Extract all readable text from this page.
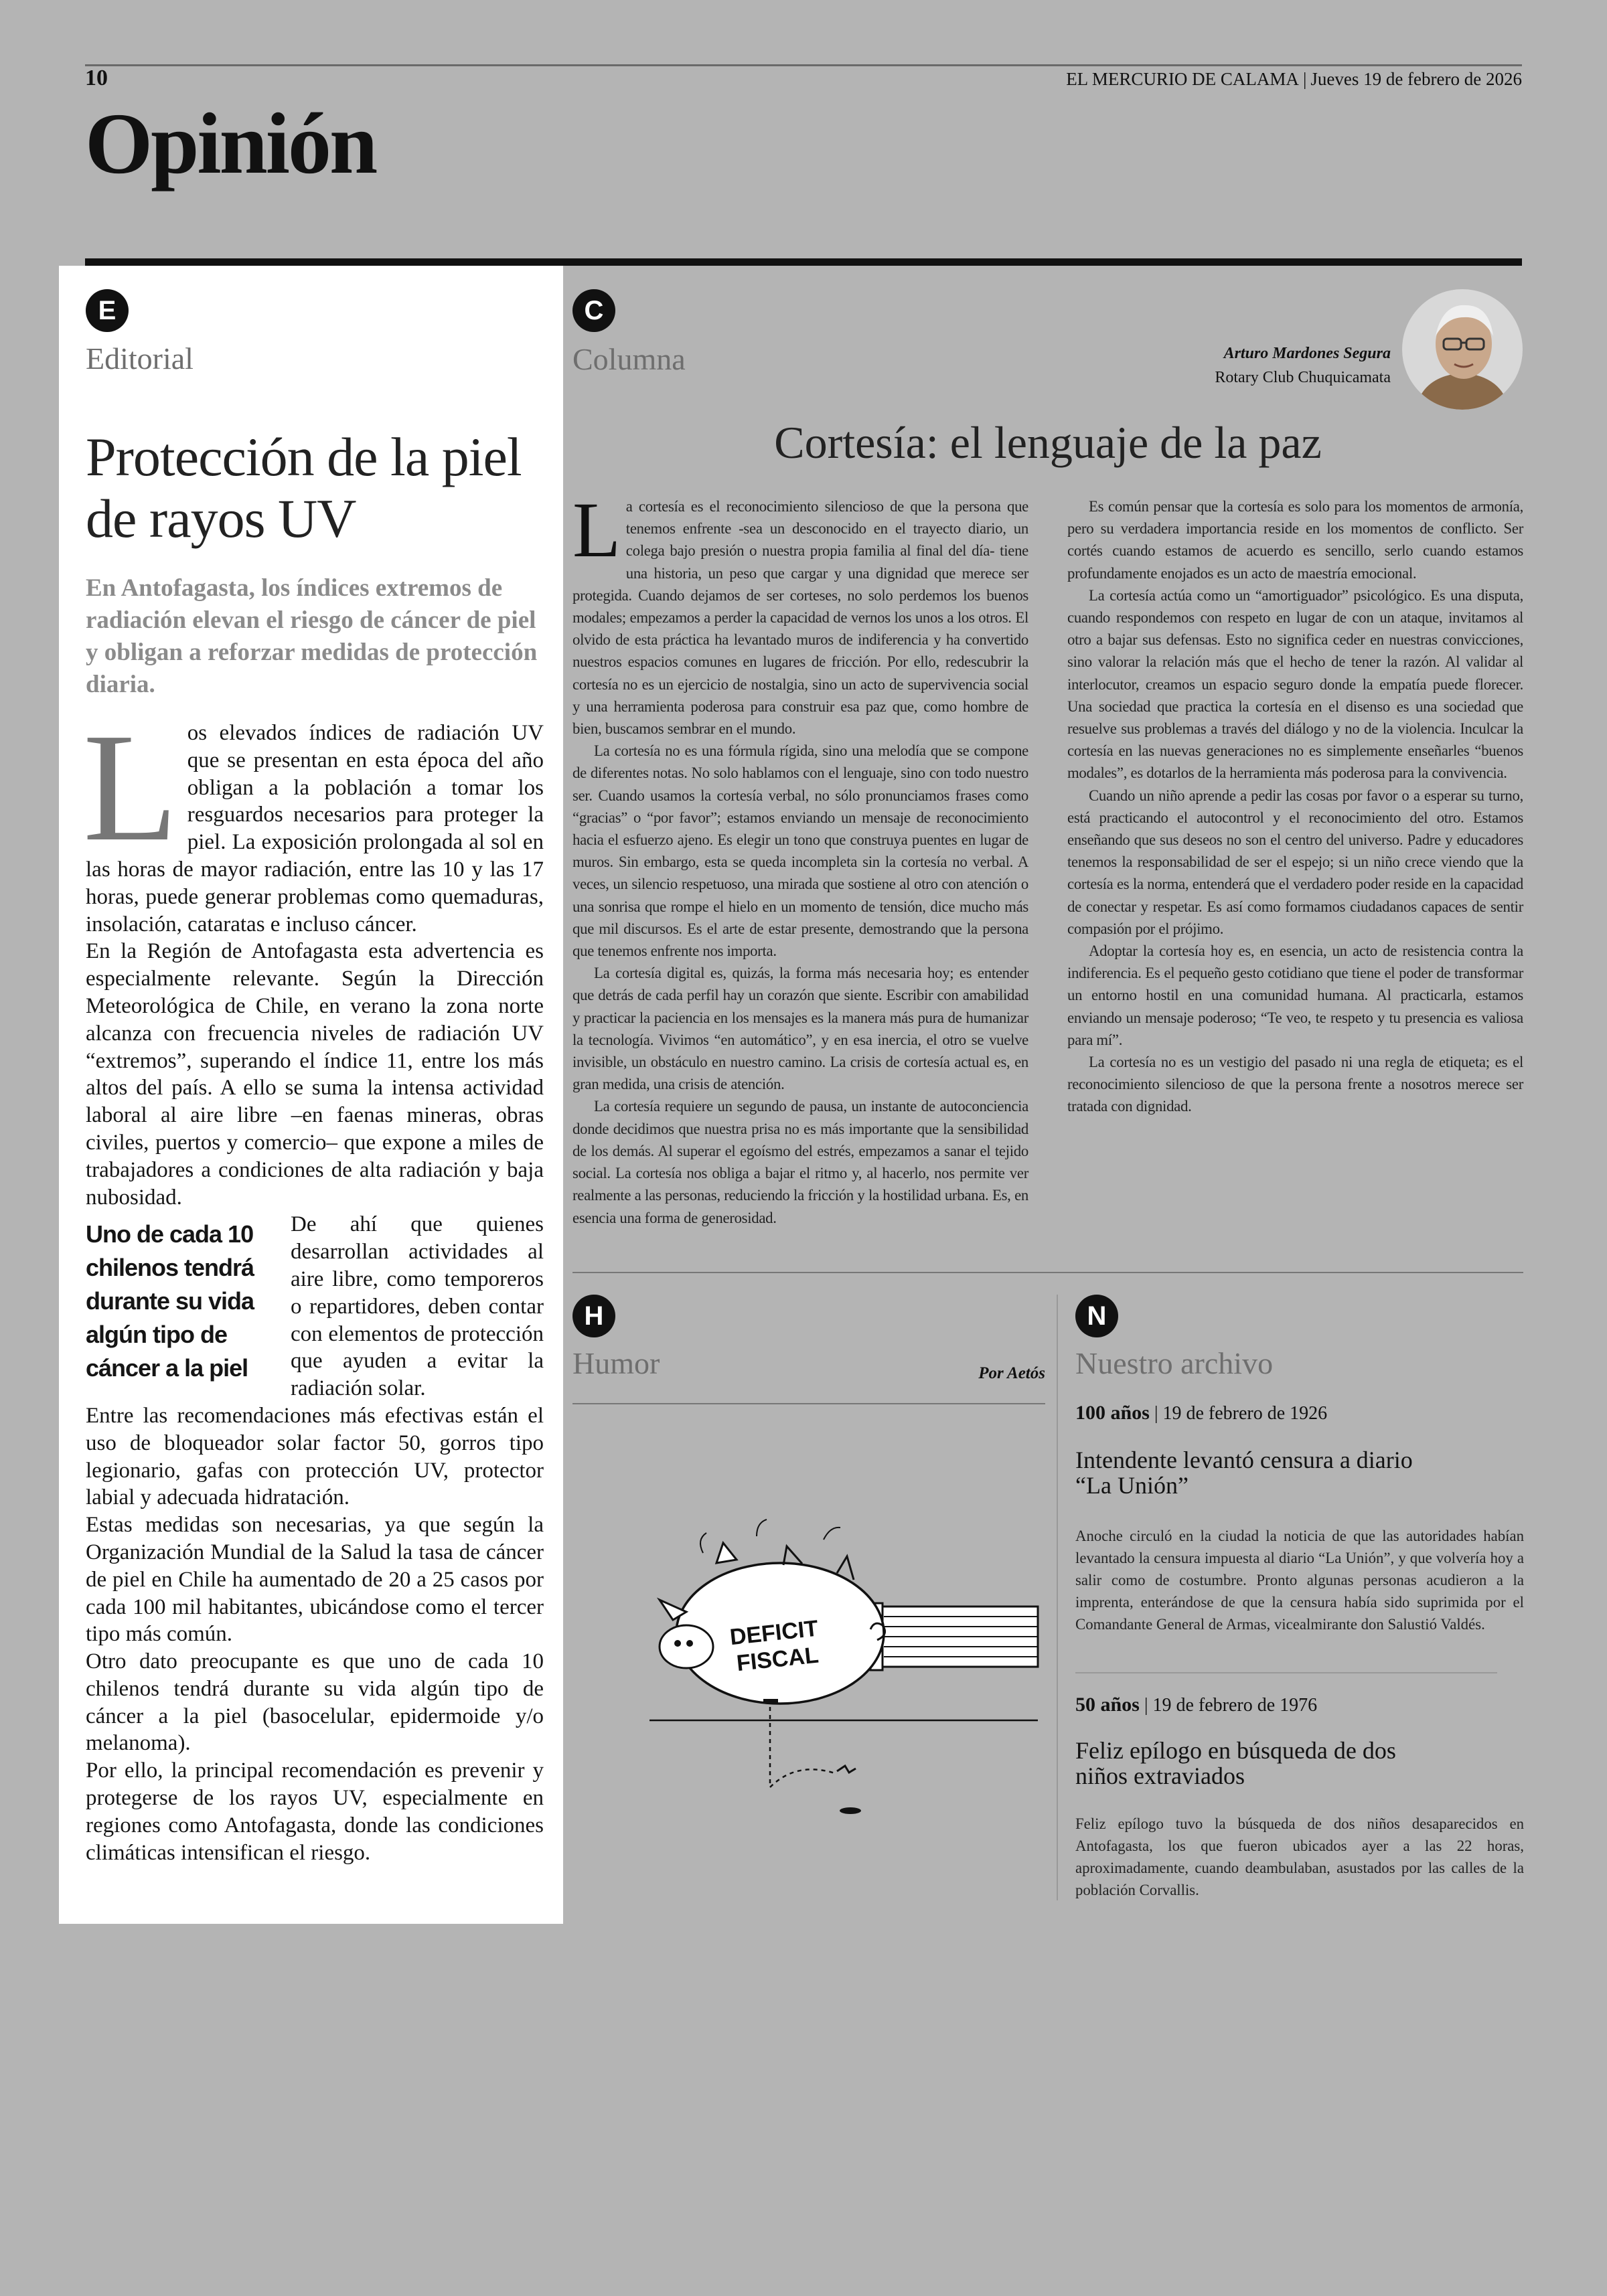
10	EL MERCURIO DE CALAMA | Jueves 19 de febrero de 2026
Opinión
E
Editorial
Protección de la piel de rayos UV
En Antofagasta, los índices extremos de radiación elevan el riesgo de cáncer de piel y obligan a reforzar medidas de protección diaria.

Los elevados índices de radiación UV que se presentan en esta época del año obligan a la población a tomar los resguardos necesarios para proteger la piel. La exposición prolongada al sol en las horas de mayor radiación, entre las 10 y las 17 horas, puede generar problemas como quemaduras, insolación, cataratas e incluso cáncer.

En la Región de Antofagasta esta advertencia es especialmente relevante. Según la Dirección Meteorológica de Chile, en verano la zona norte alcanza con frecuencia niveles de radiación UV “extremos”, superando el índice 11, entre los más altos del país. A ello se suma la intensa actividad laboral al aire libre –en faenas mineras, obras civiles, puertos y comercio– que expone a miles de trabajadores a condiciones de alta radiación y baja nubosidad.

Uno de cada 10 chilenos tendrá durante su vida algún tipo de cáncer a la piel

De ahí que quienes desarrollan actividades al aire libre, como temporeros o repartidores, deben contar con elementos de protección que ayuden a evitar la radiación solar.

Entre las recomendaciones más efectivas están el uso de bloqueador solar factor 50, gorros tipo legionario, gafas con protección UV, protector labial y adecuada hidratación.

Estas medidas son necesarias, ya que según la Organización Mundial de la Salud la tasa de cáncer de piel en Chile ha aumentado de 20 a 25 casos por cada 100 mil habitantes, ubicándose como el tercer tipo más común.

Otro dato preocupante es que uno de cada 10 chilenos tendrá durante su vida algún tipo de cáncer a la piel (basocelular, epidermoide y/o melanoma).

Por ello, la principal recomendación es prevenir y protegerse de los rayos UV, especialmente en regiones como Antofagasta, donde las condiciones climáticas intensifican el riesgo.

C
Columna	Arturo Mardones Segura
Rotary Club Chuquicamata
Cortesía: el lenguaje de la paz

La cortesía es el reconocimiento silencioso de que la persona que tenemos enfrente -sea un desconocido en el trayecto diario, un colega bajo presión o nuestra propia familia al final del día- tiene una historia, un peso que cargar y una dignidad que merece ser protegida. Cuando dejamos de ser corteses, no solo perdemos los buenos modales; empezamos a perder la capacidad de vernos los unos a los otros. El olvido de esta práctica ha levantado muros de indiferencia y ha convertido nuestros espacios comunes en lugares de fricción. Por ello, redescubrir la cortesía no es un ejercicio de nostalgia, sino un acto de supervivencia social y una herramienta poderosa para construir esa paz que, como hombre de bien, buscamos sembrar en el mundo.

La cortesía no es una fórmula rígida, sino una melodía que se compone de diferentes notas. No solo hablamos con el lenguaje, sino con todo nuestro ser. Cuando usamos la cortesía verbal, no sólo pronunciamos frases como “gracias” o “por favor”; estamos enviando un mensaje de reconocimiento hacia el esfuerzo ajeno. Es elegir un tono que construya puentes en lugar de muros. Sin embargo, esta se queda incompleta sin la cortesía no verbal. A veces, un silencio respetuoso, una mirada que sostiene al otro con atención o una sonrisa que rompe el hielo en un momento de tensión, dice mucho más que mil discursos. Es el arte de estar presente, demostrando que la persona que tenemos enfrente nos importa.

La cortesía digital es, quizás, la forma más necesaria hoy; es entender que detrás de cada perfil hay un corazón que siente. Escribir con amabilidad y practicar la paciencia en los mensajes es la manera más pura de humanizar la tecnología. Vivimos “en automático”, y en esa inercia, el otro se vuelve invisible, un obstáculo en nuestro camino. La crisis de cortesía actual es, en gran medida, una crisis de atención.

La cortesía requiere un segundo de pausa, un instante de autoconciencia donde decidimos que nuestra prisa no es más importante que la sensibilidad de los demás. Al superar el egoísmo del estrés, empezamos a sanar el tejido social. La cortesía nos obliga a bajar el ritmo y, al hacerlo, nos permite ver realmente a las personas, reduciendo la fricción y la hostilidad urbana. Es, en esencia una forma de generosidad.

Es común pensar que la cortesía es solo para los momentos de armonía, pero su verdadera importancia reside en los momentos de conflicto. Ser cortés cuando estamos de acuerdo es sencillo, serlo cuando estamos profundamente enojados es un acto de maestría emocional.

La cortesía actúa como un “amortiguador” psicológico. Es una disputa, cuando respondemos con respeto en lugar de con un ataque, invitamos al otro a bajar sus defensas. Esto no significa ceder en nuestras convicciones, sino valorar la relación más que el hecho de tener la razón. Al validar al interlocutor, creamos un espacio seguro donde la empatía puede florecer. Una sociedad que practica la cortesía en el disenso es una sociedad que resuelve sus problemas a través del diálogo y no de la violencia. Inculcar la cortesía en las nuevas generaciones no es simplemente enseñarles “buenos modales”, es dotarlos de la herramienta más poderosa para la convivencia.

Cuando un niño aprende a pedir las cosas por favor o a esperar su turno, está practicando el autocontrol y el reconocimiento del otro. Estamos enseñando que sus deseos no son el centro del universo. Padre y educadores tenemos la responsabilidad de ser el espejo; si un niño crece viendo que la cortesía es la norma, entenderá que el verdadero poder reside en la capacidad de conectar y respetar. Es así como formamos ciudadanos capaces de sentir compasión por el prójimo.

Adoptar la cortesía hoy es, en esencia, un acto de resistencia contra la indiferencia. Es el pequeño gesto cotidiano que tiene el poder de transformar un entorno hostil en una comunidad humana. Al practicarla, estamos enviando un mensaje poderoso; “Te veo, te respeto y tu presencia es valiosa para mí”.

La cortesía no es un vestigio del pasado ni una regla de etiqueta; es el reconocimiento silencioso de que la persona frente a nosotros merece ser tratada con dignidad.

H
Humor	Por Aetós
DEFICIT
FISCAL
N
Nuestro archivo
100 años | 19 de febrero de 1926
Intendente levantó censura a diario “La Unión”
Anoche circuló en la ciudad la noticia de que las autoridades habían levantado la censura impuesta al diario “La Unión”, y que volvería hoy a salir como de costumbre. Pronto algunas personas acudieron a la imprenta, enterándose de que la censura había sido suprimida por el Comandante General de Armas, vicealmirante don Salustió Valdés.
50 años | 19 de febrero de 1976
Feliz epílogo en búsqueda de dos niños extraviados
Feliz epílogo tuvo la búsqueda de dos niños desaparecidos en Antofagasta, los que fueron ubicados ayer a las 22 horas, aproximadamente, cuando deambulaban, asustados por las calles de la población Corvallis.
